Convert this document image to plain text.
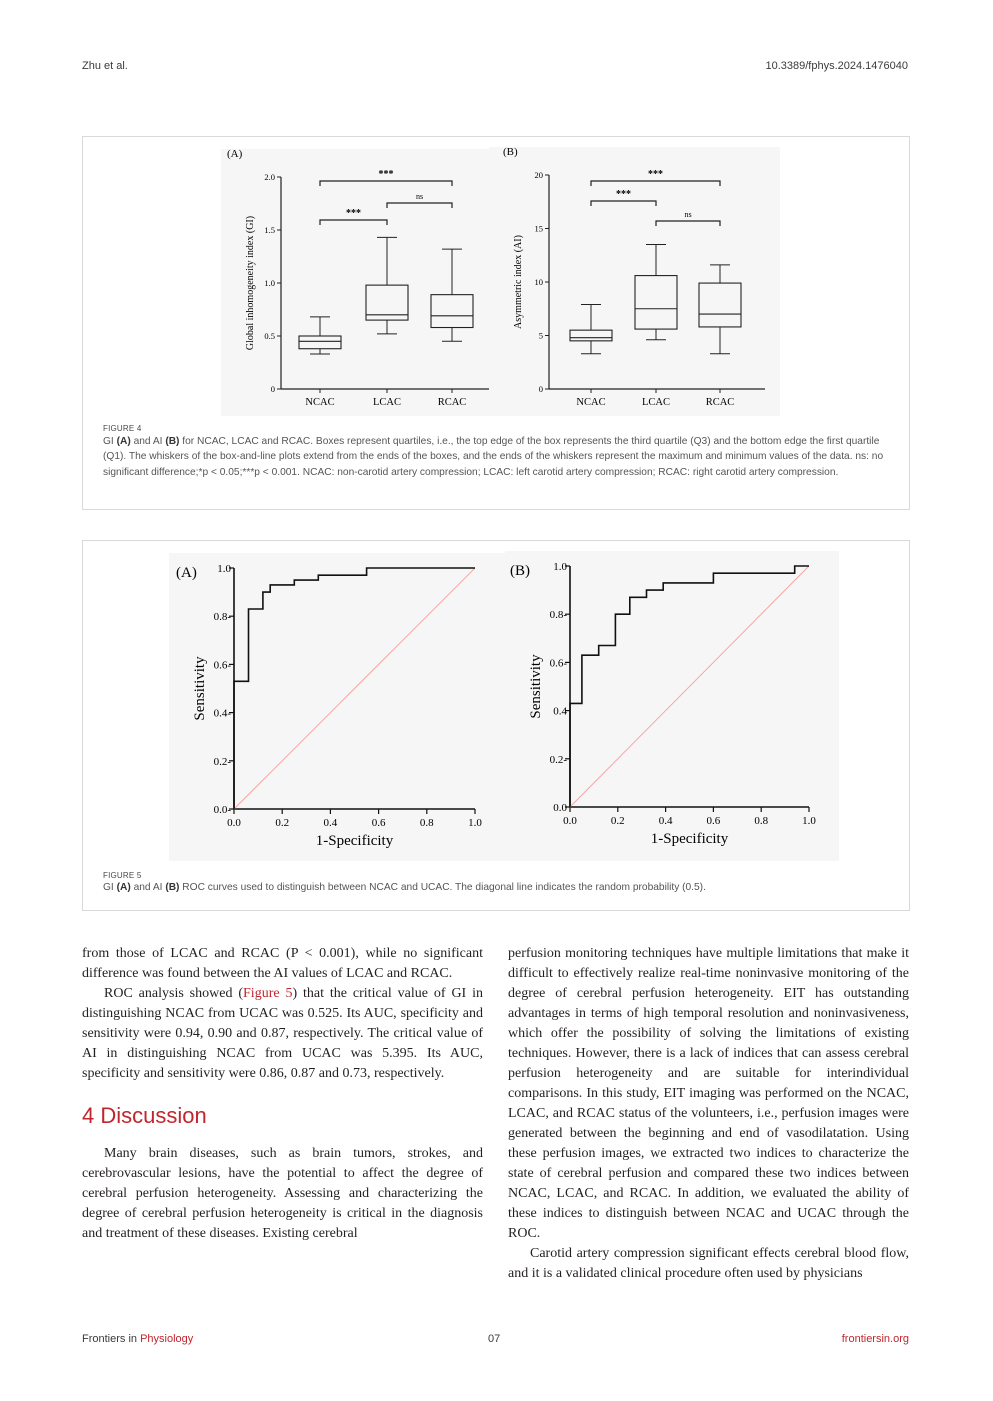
Zhu et al.	10.3389/fphys.2024.1476040
(A)
0
0.5
1.0
1.5
2.0
Global inhomogeneity index (GI)
NCAC	LCAC	RCAC
***
ns
***
(B)
0
5
10
15
20
Asymmetric index (AI)
NCAC	LCAC	RCAC
***
***
ns
FIGURE 4
GI (A) and AI (B) for NCAC, LCAC and RCAC. Boxes represent quartiles, i.e., the top edge of the box represents the third quartile (Q3) and the bottom edge the first quartile (Q1). The whiskers of the box-and-line plots extend from the ends of the boxes, and the ends of the whiskers represent the maximum and minimum values of the data. ns: no significant difference;*p < 0.05;***p < 0.001. NCAC: non-carotid artery compression; LCAC: left carotid artery compression; RCAC: right carotid artery compression.
(A)
0.0	0.2	0.4	0.6	0.8	1.0
0.0-
0.2-
0.4-
0.6-
0.8-
1.0
1-Specificity
Sensitivity
(B)
0.0	0.2	0.4	0.6	0.8	1.0
0.0
0.2-
0.4
0.6-
0.8-
1.0
1-Specificity
Sensitivity
FIGURE 5
GI (A) and AI (B) ROC curves used to distinguish between NCAC and UCAC. The diagonal line indicates the random probability (0.5).

from those of LCAC and RCAC (P < 0.001), while no significant difference was found between the AI values of LCAC and RCAC.

ROC analysis showed (Figure 5) that the critical value of GI in distinguishing NCAC from UCAC was 0.525. Its AUC, specificity and sensitivity were 0.94, 0.90 and 0.87, respectively. The critical value of AI in distinguishing NCAC from UCAC was 5.395. Its AUC, specificity and sensitivity were 0.86, 0.87 and 0.73, respectively.

4 Discussion

Many brain diseases, such as brain tumors, strokes, and cerebrovascular lesions, have the potential to affect the degree of cerebral perfusion heterogeneity. Assessing and characterizing the degree of cerebral perfusion heterogeneity is critical in the diagnosis and treatment of these diseases. Existing cerebral

perfusion monitoring techniques have multiple limitations that make it difficult to effectively realize real-time noninvasive monitoring of the degree of cerebral perfusion heterogeneity. EIT has outstanding advantages in terms of high temporal resolution and noninvasiveness, which offer the possibility of solving the limitations of existing techniques. However, there is a lack of indices that can assess cerebral perfusion heterogeneity and are suitable for interindividual comparisons. In this study, EIT imaging was performed on the NCAC, LCAC, and RCAC status of the volunteers, i.e., perfusion images were generated between the beginning and end of vasodilatation. Using these perfusion images, we extracted two indices to characterize the state of cerebral perfusion and compared these two indices between NCAC, LCAC, and RCAC. In addition, we evaluated the ability of these indices to distinguish between NCAC and UCAC through the ROC.

Carotid artery compression significant effects cerebral blood flow, and it is a validated clinical procedure often used by physicians

Frontiers in Physiology	07	frontiersin.org
